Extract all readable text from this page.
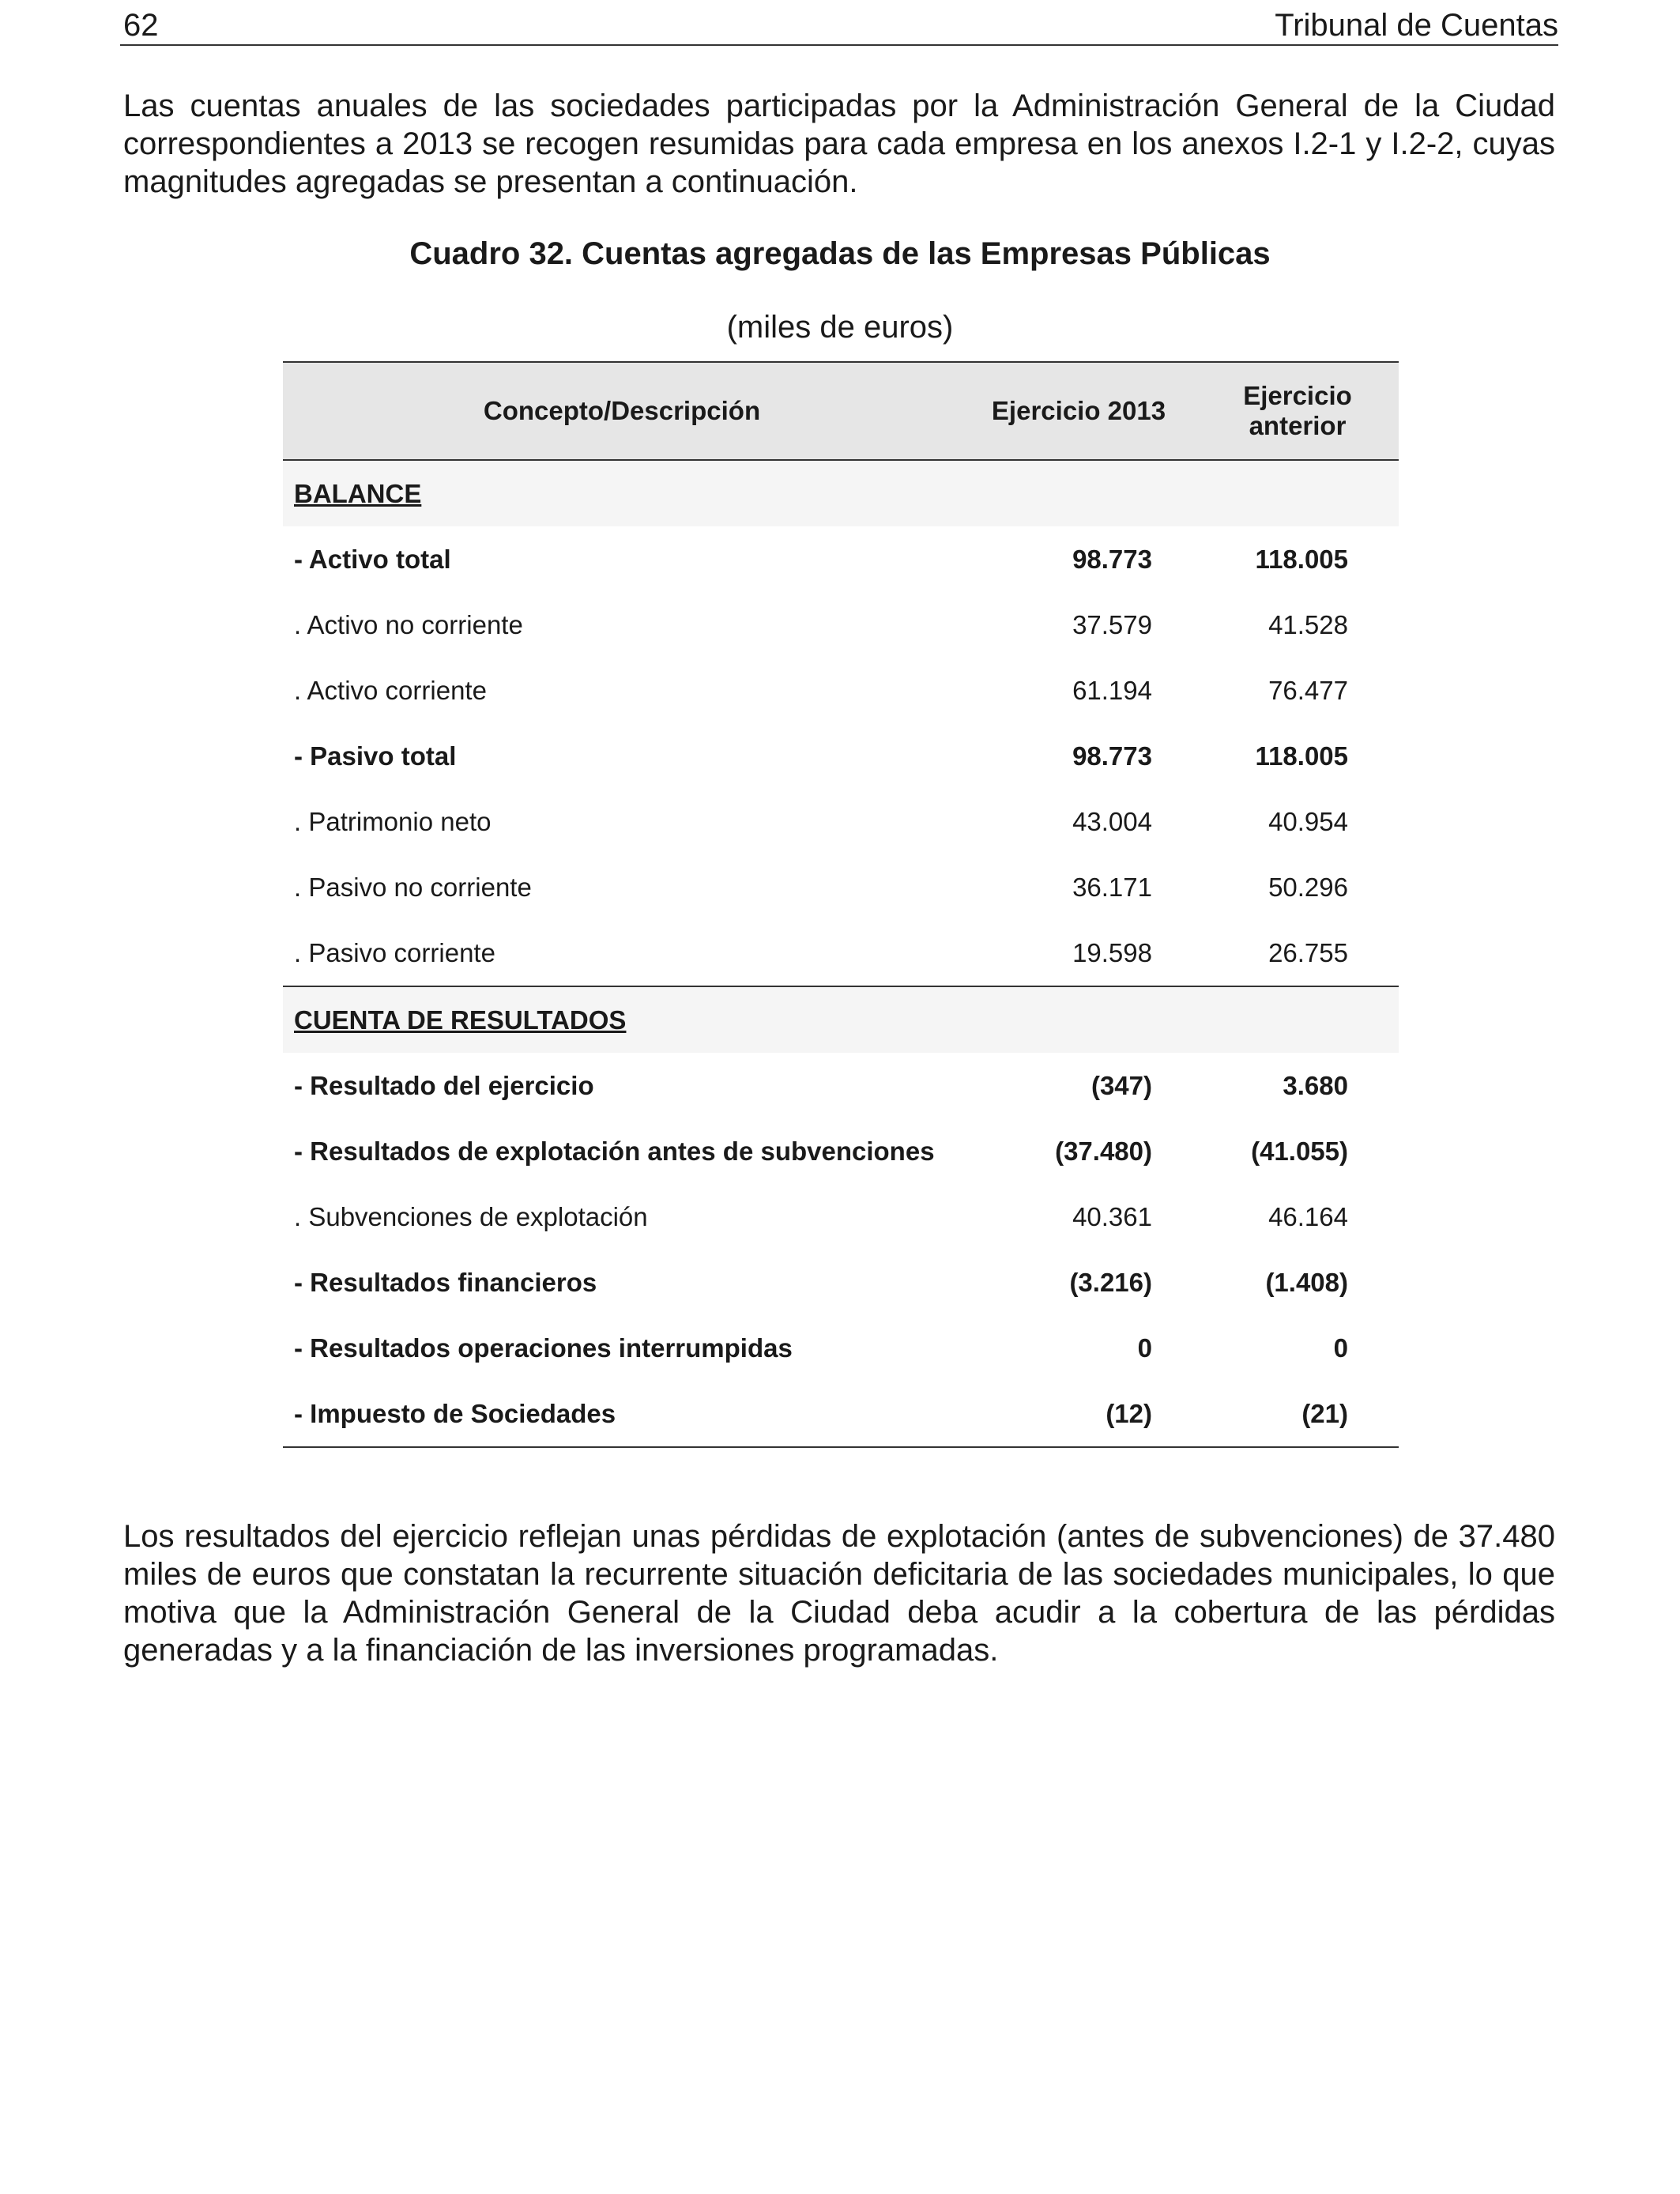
62	Tribunal de Cuentas

Las cuentas anuales de las sociedades participadas por la Administración General de la Ciudad correspondientes a 2013 se recogen resumidas para cada empresa en los anexos I.2-1 y I.2-2, cuyas magnitudes agregadas se presentan a continuación.

Cuadro 32. Cuentas agregadas de las Empresas Públicas
(miles de euros)
Concepto/Descripción	Ejercicio 2013	Ejercicio
anterior
BALANCE		
- Activo total	98.773	118.005
. Activo no corriente	37.579	41.528
. Activo corriente	61.194	76.477
- Pasivo total	98.773	118.005
. Patrimonio neto	43.004	40.954
. Pasivo no corriente	36.171	50.296
. Pasivo corriente	19.598	26.755
CUENTA DE RESULTADOS		
- Resultado del ejercicio	(347)	3.680
- Resultados de explotación antes de subvenciones	(37.480)	(41.055)
. Subvenciones de explotación	40.361	46.164
- Resultados financieros	(3.216)	(1.408)
- Resultados operaciones interrumpidas	0	0
- Impuesto de Sociedades	(12)	(21)

Los resultados del ejercicio reflejan unas pérdidas de explotación (antes de subvenciones) de 37.480 miles de euros que constatan la recurrente situación deficitaria de las sociedades municipales, lo que motiva que la Administración General de la Ciudad deba acudir a la cobertura de las pérdidas generadas y a la financiación de las inversiones programadas.
